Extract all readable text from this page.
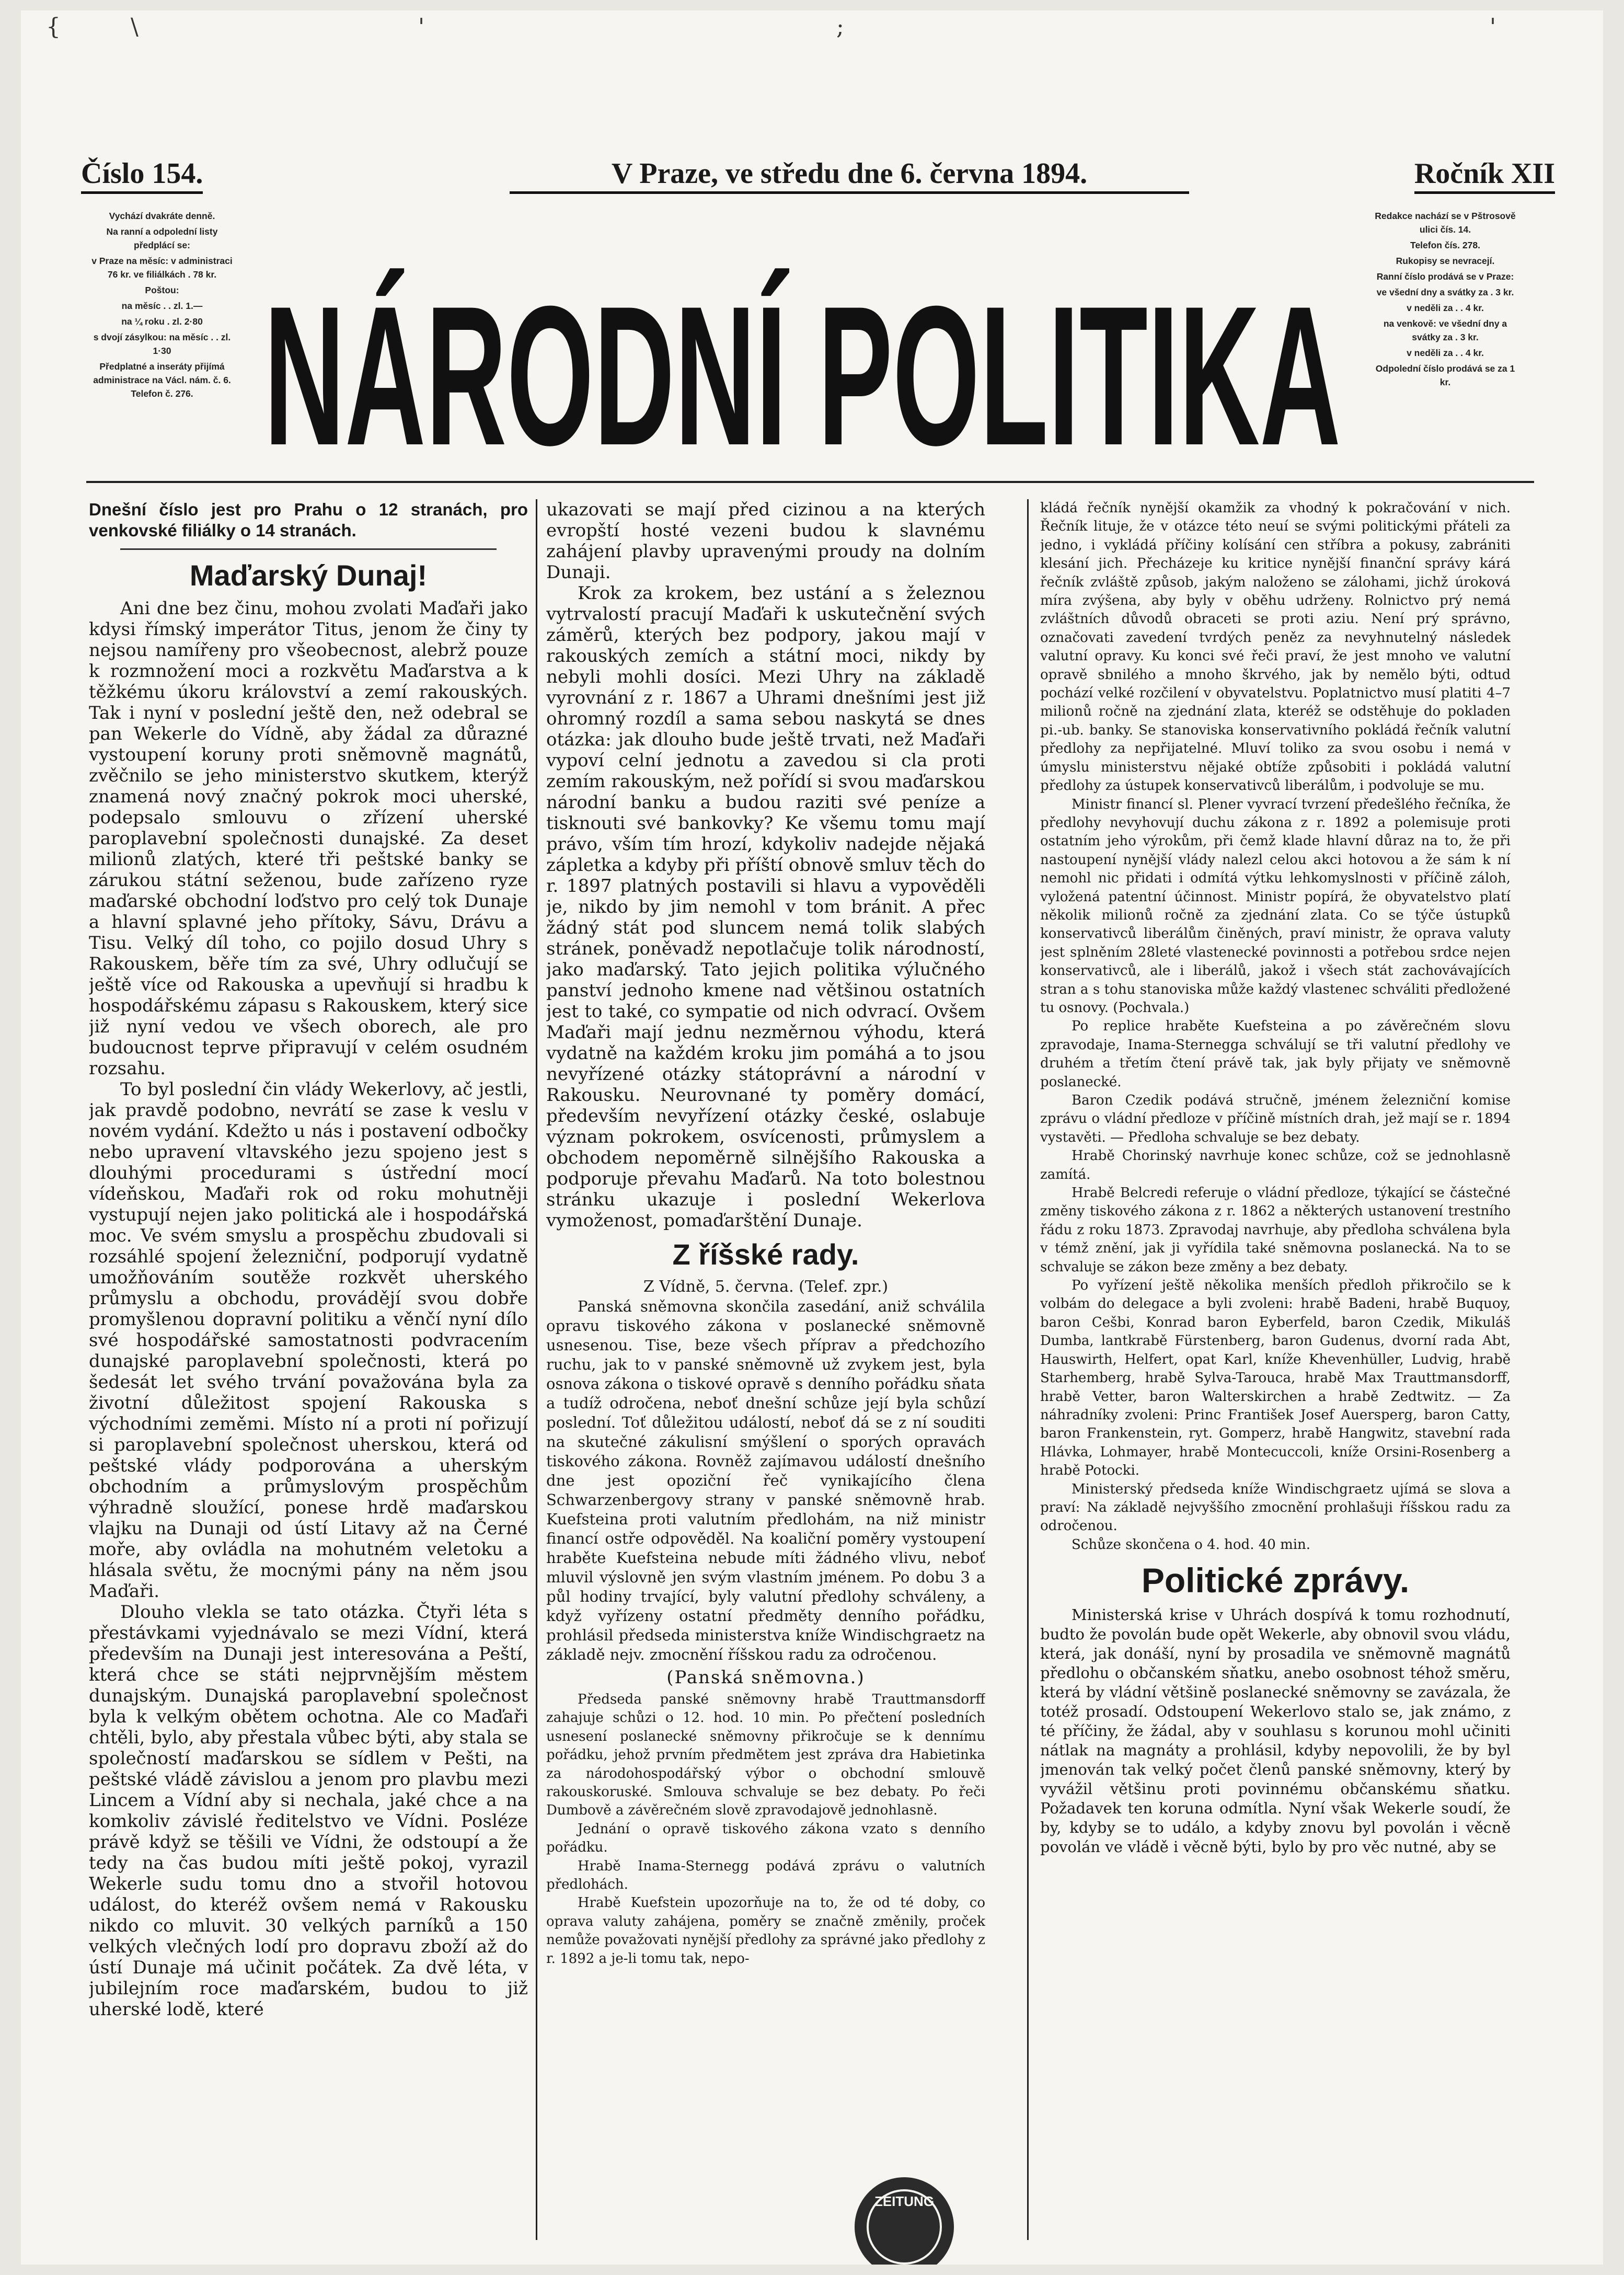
{	\	'	;	'
Číslo 154.	V Praze, ve středu dne 6. června 1894.	Ročník XII

Vychází dvakráte denně.

Na ranní a odpolední listy předplácí se:

v Praze na měsíc: v administraci 76 kr. ve filiálkách . 78 kr.

Poštou:

na měsíc . . zl. 1.—

na ¼ roku . zl. 2·80

s dvojí zásylkou: na měsíc . . zl. 1·30

Předplatné a inseráty přijímá administrace na Václ. nám. č. 6. Telefon č. 276. NÁRODNÍ POLITIKA

Redakce nachází se v Pštrosově ulici čís. 14.

Telefon čís. 278.

Rukopisy se nevracejí.

Ranní číslo prodává se v Praze:

ve všední dny a svátky za . 3 kr.

v neděli za . . 4 kr.

na venkově: ve všední dny a svátky za . 3 kr.

v neděli za . . 4 kr.

Odpolední číslo prodává se za 1 kr.

Dnešní číslo jest pro Prahu o 12 stranách, pro venkovské filiálky o 14 stranách.

Maďarský Dunaj!

Ani dne bez činu, mohou zvolati Maďaři jako kdysi římský imperátor Titus, jenom že činy ty nejsou namířeny pro všeobecnost, alebrž pouze k rozmnožení moci a rozkvětu Maďarstva a k těžkému úkoru království a zemí rakouských. Tak i nyní v poslední ještě den, než odebral se pan Wekerle do Vídně, aby žádal za důrazné vystoupení koruny proti sněmovně magnátů, zvěčnilo se jeho ministerstvo skutkem, kterýž znamená nový značný pokrok moci uherské, podepsalo smlouvu o zřízení uherské paroplavební společnosti dunajské. Za deset milionů zlatých, které tři peštské banky se zárukou státní seženou, bude zařízeno ryze maďarské obchodní loďstvo pro celý tok Dunaje a hlavní splavné jeho přítoky, Sávu, Drávu a Tisu. Velký díl toho, co pojilo dosud Uhry s Rakouskem, běře tím za své, Uhry odlučují se ještě více od Rakouska a upevňují si hradbu k hospodářskému zápasu s Rakouskem, který sice již nyní vedou ve všech oborech, ale pro budoucnost teprve připravují v celém osudném rozsahu.

To byl poslední čin vlády Wekerlovy, ač jestli, jak pravdě podobno, nevrátí se zase k veslu v novém vydání. Kdežto u nás i postavení odbočky nebo upravení vltavského jezu spojeno jest s dlouhými procedurami s ústřední mocí vídeňskou, Maďaři rok od roku mohutněji vystupují nejen jako politická ale i hospodářská moc. Ve svém smyslu a prospěchu zbudovali si rozsáhlé spojení železniční, podporují vydatně umožňováním soutěže rozkvět uherského průmyslu a obchodu, provádějí svou dobře promyšlenou dopravní politiku a věnčí nyní dílo své hospodářské samostatnosti podvracením dunajské paroplavební společnosti, která po šedesát let svého trvání považována byla za životní důležitost spojení Rakouska s východními zeměmi. Místo ní a proti ní pořizují si paroplavební společnost uherskou, která od peštské vlády podporována a uherským obchodním a průmyslovým prospěchům výhradně sloužící, ponese hrdě maďarskou vlajku na Dunaji od ústí Litavy až na Černé moře, aby ovládla na mohutném veletoku a hlásala světu, že mocnými pány na něm jsou Maďaři.

Dlouho vlekla se tato otázka. Čtyři léta s přestávkami vyjednávalo se mezi Vídní, která především na Dunaji jest interesována a Peští, která chce se státi nejprvnějším městem dunajským. Dunajská paroplavební společnost byla k velkým obětem ochotna. Ale co Maďaři chtěli, bylo, aby přestala vůbec býti, aby stala se společností maďarskou se sídlem v Pešti, na peštské vládě závislou a jenom pro plavbu mezi Lincem a Vídní aby si nechala, jaké chce a na komkoliv závislé ředitelstvo ve Vídni. Posléze právě když se těšili ve Vídni, že odstoupí a že tedy na čas budou míti ještě pokoj, vyrazil Wekerle sudu tomu dno a stvořil hotovou událost, do kteréž ovšem nemá v Rakousku nikdo co mluvit. 30 velkých parníků a 150 velkých vlečných lodí pro dopravu zboží až do ústí Dunaje má učinit počátek. Za dvě léta, v jubilejním roce maďarském, budou to již uherské lodě, které

ukazovati se mají před cizinou a na kterých evropští hosté vezeni budou k slavnému zahájení plavby upravenými proudy na dolním Dunaji.

Krok za krokem, bez ustání a s železnou vytrvalostí pracují Maďaři k uskutečnění svých záměrů, kterých bez podpory, jakou mají v rakouských zemích a státní moci, nikdy by nebyli mohli dosíci. Mezi Uhry na základě vyrovnání z r. 1867 a Uhrami dnešními jest již ohromný rozdíl a sama sebou naskytá se dnes otázka: jak dlouho bude ještě trvati, než Maďaři vypoví celní jednotu a zavedou si cla proti zemím rakouským, než pořídí si svou maďarskou národní banku a budou raziti své peníze a tisknouti své bankovky? Ke všemu tomu mají právo, vším tím hrozí, kdykoliv nadejde nějaká zápletka a kdyby při příští obnově smluv těch do r. 1897 platných postavili si hlavu a vypověděli je, nikdo by jim nemohl v tom bránit. A přec žádný stát pod sluncem nemá tolik slabých stránek, poněvadž nepotlačuje tolik národností, jako maďarský. Tato jejich politika výlučného panství jednoho kmene nad většinou ostatních jest to také, co sympatie od nich odvrací. Ovšem Maďaři mají jednu nezměrnou výhodu, která vydatně na každém kroku jim pomáhá a to jsou nevyřízené otázky státoprávní a národní v Rakousku. Neurovnané ty poměry domácí, především nevyřízení otázky české, oslabuje význam pokrokem, osvícenosti, průmyslem a obchodem nepoměrně silnějšího Rakouska a podporuje převahu Maďarů. Na toto bolestnou stránku ukazuje i poslední Wekerlova vymoženost, pomaďarštění Dunaje.

Z říšské rady.
Z Vídně, 5. června. (Telef. zpr.)

Panská sněmovna skončila zasedání, aniž schválila opravu tiskového zákona v poslanecké sněmovně usnesenou. Tise, beze všech příprav a předchozího ruchu, jak to v panské sněmovně už zvykem jest, byla osnova zákona o tiskové opravě s denního pořádku sňata a tudíž odročena, neboť dnešní schůze její byla schůzí poslední. Toť důležitou událostí, neboť dá se z ní souditi na skutečné zákulisní smýšlení o sporých opravách tiskového zákona. Rovněž zajímavou událostí dnešního dne jest opoziční řeč vynikajícího člena Schwarzenbergovy strany v panské sněmovně hrab. Kuefsteina proti valutním předlohám, na niž ministr financí ostře odpověděl. Na koaliční poměry vystoupení hraběte Kuefsteina nebude míti žádného vlivu, neboť mluvil výslovně jen svým vlastním jménem. Po dobu 3 a půl hodiny trvající, byly valutní předlohy schváleny, a když vyřízeny ostatní předměty denního pořádku, prohlásil předseda ministerstva kníže Windischgraetz na základě nejv. zmocnění říšskou radu za odročenou.

(Panská sněmovna.)

Předseda panské sněmovny hrabě Trauttmansdorff zahajuje schůzi o 12. hod. 10 min. Po přečtení posledních usnesení poslanecké sněmovny přikročuje se k dennímu pořádku, jehož prvním předmětem jest zpráva dra Habietinka za národohospodářský výbor o obchodní smlouvě rakouskoruské. Smlouva schvaluje se bez debaty. Po řeči Dumbově a závěrečném slově zpravodajově jednohlasně.

Jednání o opravě tiskového zákona vzato s denního pořádku.

Hrabě Inama-Sternegg podává zprávu o valutních předlohách.

Hrabě Kuefstein upozorňuje na to, že od té doby, co oprava valuty zahájena, poměry se značně změnily, proček nemůže považovati nynější předlohy za správné jako předlohy z r. 1892 a je-li tomu tak, nepo-

kládá řečník nynější okamžik za vhodný k pokračování v nich. Řečník lituje, že v otázce této neuí se svými politickými přáteli za jedno, i vykládá příčiny kolísání cen stříbra a pokusy, zabrániti klesání jich. Přecházeje ku kritice nynější finanční správy kárá řečník zvláště způsob, jakým naloženo se zálohami, jichž úroková míra zvýšena, aby byly v oběhu udrženy. Rolnictvo prý nemá zvláštních důvodů obraceti se proti aziu. Není prý správno, označovati zavedení tvrdých peněz za nevyhnutelný následek valutní opravy. Ku konci své řeči praví, že jest mnoho ve valutní opravě sbnilého a mnoho škrvého, jak by nemělo býti, odtud pochází velké rozčilení v obyvatelstvu. Poplatnictvo musí platiti 4–7 milionů ročně na zjednání zlata, kteréž se odstěhuje do pokladen pi.-ub. banky. Se stanoviska konservativního pokládá řečník valutní předlohy za nepřijatelné. Mluví toliko za svou osobu i nemá v úmyslu ministerstvu nějaké obtíže způsobiti i pokládá valutní předlohy za ústupek konservativců liberálům, i podvoluje se mu.

Ministr financí sl. Plener vyvrací tvrzení předešlého řečníka, že předlohy nevyhovují duchu zákona z r. 1892 a polemisuje proti ostatním jeho výrokům, při čemž klade hlavní důraz na to, že při nastoupení nynější vlády nalezl celou akci hotovou a že sám k ní nemohl nic přidati i odmítá výtku lehkomyslnosti v příčině záloh, vyložená patentní účinnost. Ministr popírá, že obyvatelstvo platí několik milionů ročně za zjednání zlata. Co se týče ústupků konservativců liberálům činěných, praví ministr, že oprava valuty jest splněním 28leté vlastenecké povinnosti a potřebou srdce nejen konservativců, ale i liberálů, jakož i všech stát zachovávajících stran a s tohu stanoviska může každý vlastenec schváliti předložené tu osnovy. (Pochvala.)

Po replice hraběte Kuefsteina a po závěrečném slovu zpravodaje, Inama-Sternegga schválují se tři valutní předlohy ve druhém a třetím čtení právě tak, jak byly přijaty ve sněmovně poslanecké.

Baron Czedik podává stručně, jménem železniční komise zprávu o vládní předloze v příčině místních drah, jež mají se r. 1894 vystavěti. — Předloha schvaluje se bez debaty.

Hrabě Chorinský navrhuje konec schůze, což se jednohlasně zamítá.

Hrabě Belcredi referuje o vládní předloze, týkající se částečné změny tiskového zákona z r. 1862 a některých ustanovení trestního řádu z roku 1873. Zpravodaj navrhuje, aby předloha schválena byla v témž znění, jak ji vyřídila také sněmovna poslanecká. Na to se schvaluje se zákon beze změny a bez debaty.

Po vyřízení ještě několika menších předloh přikročilo se k volbám do delegace a byli zvoleni: hrabě Badeni, hrabě Buquoy, baron Cešbi, Konrad baron Eyberfeld, baron Czedik, Mikuláš Dumba, lantkrabě Fürstenberg, baron Gudenus, dvorní rada Abt, Hauswirth, Helfert, opat Karl, kníže Khevenhüller, Ludvig, hrabě Starhemberg, hrabě Sylva-Tarouca, hrabě Max Trauttmansdorff, hrabě Vetter, baron Walterskirchen a hrabě Zedtwitz. — Za náhradníky zvoleni: Princ František Josef Auersperg, baron Catty, baron Frankenstein, ryt. Gomperz, hrabě Hangwitz, stavební rada Hlávka, Lohmayer, hrabě Montecuccoli, kníže Orsini-Rosenberg a hrabě Potocki.

Ministerský předseda kníže Windischgraetz ujímá se slova a praví: Na základě nejvyššího zmocnění prohlašuji říšskou radu za odročenou.

Schůze skončena o 4. hod. 40 min.

Politické zprávy.

Ministerská krise v Uhrách dospívá k tomu rozhodnutí, budto že povolán bude opět Wekerle, aby obnovil svou vládu, která, jak donáší, nyní by prosadila ve sněmovně magnátů předlohu o občanském sňatku, anebo osobnost téhož směru, která by vládní většině poslanecké sněmovny se zavázala, že totéž prosadí. Odstoupení Wekerlovo stalo se, jak známo, z té příčiny, že žádal, aby v souhlasu s korunou mohl učiniti nátlak na magnáty a prohlásil, kdyby nepovolili, že by byl jmenován tak velký počet členů panské sněmovny, který by vyvážil většinu proti povinnému občanskému sňatku. Požadavek ten koruna odmítla. Nyní však Wekerle soudí, že by, kdyby se to událo, a kdyby znovu byl povolán i věcně povolán ve vládě i věcně býti, bylo by pro věc nutné, aby se

ZEITUNG
